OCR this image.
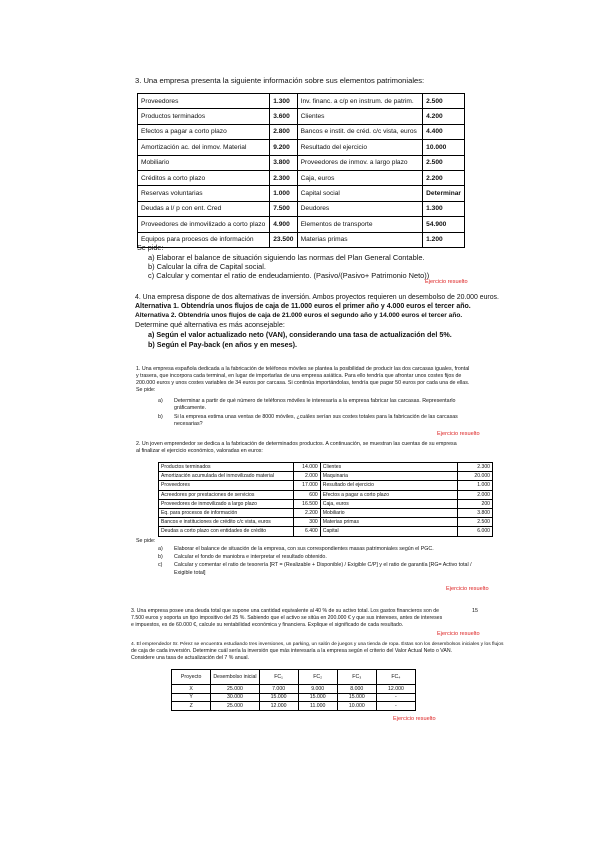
3. Una empresa presenta la siguiente información sobre sus elementos patrimoniales:
Proveedores	1.300	Inv. financ. a c/p en instrum. de patrim.	2.500
Productos terminados	3.600	Clientes	4.200
Efectos a pagar a corto plazo	2.800	Bancos e instit. de créd. c/c vista, euros	4.400
Amortización ac. del inmov. Material	9.200	Resultado del ejercicio	10.000
Mobiliario	3.800	Proveedores de inmov. a largo plazo	2.500
Créditos a corto plazo	2.300	Caja, euros	2.200
Reservas voluntarias	1.000	Capital social	Determinar
Deudas a l/ p con ent. Cred	7.500	Deudores	1.300
Proveedores de inmovilizado a corto plazo	4.900	Elementos de transporte	54.900
Equipos para procesos de información	23.500	Materias primas	1.200
Se pide:
a) Elaborar el balance de situación siguiendo las normas del Plan General Contable.
b) Calcular la cifra de Capital social.
c) Calcular y comentar el ratio de endeudamiento. (Pasivo/(Pasivo+ Patrimonio Neto))
Ejercicio resuelto
4. Una empresa dispone de dos alternativas de inversión. Ambos proyectos requieren un desembolso de 20.000 euros.
Alternativa 1. Obtendría unos flujos de caja de 11.000 euros el primer año y 4.000 euros el tercer año.
Alternativa 2. Obtendría unos flujos de caja de 21.000 euros el segundo año y 14.000 euros el tercer año.
Determine qué alternativa es más aconsejable:
a) Según el valor actualizado neto (VAN), considerando una tasa de actualización del 5%.
b) Según el Pay-back (en años y en meses).
1. Una empresa española dedicada a la fabricación de teléfonos móviles se plantea la posibilidad de producir las dos carcasas iguales, frontal
y trasera, que incorpora cada terminal, en lugar de importarlas de una empresa asiática. Para ello tendría que afrontar unos costes fijos de
200.000 euros y unos costes variables de 34 euros por carcasa. Si continúa importándolas, tendría que pagar 50 euros por cada una de ellas.
Se pide:
a) Determinar a partir de qué número de teléfonos móviles le interesaría a la empresa fabricar las carcasas. Representarlo
gráficamente.
b) Si la empresa estima unas ventas de 8000 móviles, ¿cuáles serían sus costes totales para la fabricación de las carcasas
necesarias?
Ejercicio resuelto
2. Un joven emprendedor se dedica a la fabricación de determinados productos. A continuación, se muestran las cuentas de su empresa
al finalizar el ejercicio económico, valoradas en euros:
Productos terminados	14.000	Clientes	2.300
Amortización acumulada del inmovilizado material	2.000	Maquinaria	20.000
Proveedores	17.000	Resultado del ejercicio	1.000
Acreedores por prestaciones de servicios	600	Efectos a pagar a corto plazo	2.000
Proveedores de inmovilizado a largo plazo	16.500	Caja, euros	200
Eq. para procesos de información	2.200	Mobiliario	3.800
Bancos e instituciones de crédito c/c vista, euros	300	Materias primas	2.500
Deudas a corto plazo con entidades de crédito	6.400	Capital	6.000
Se pide:
a) Elaborar el balance de situación de la empresa, con sus correspondientes masas patrimoniales según el PGC.
b) Calcular el fondo de maniobra e interpretar el resultado obtenido.
c) Calcular y comentar el ratio de tesorería [RT = (Realizable + Disponible) / Exigible C/P] y el ratio de garantía [RG= Activo total /
Exigible total]
Ejercicio resuelto
3. Una empresa posee una deuda total que supone una cantidad equivalente al 40 % de su activo total. Los gastos financieros son de	15
7.500 euros y soporta un tipo impositivo del 25 %. Sabiendo que el activo se sitúa en 200.000 € y que sus intereses, antes de intereses
e impuestos, es de 60.000 €, calcule su rentabilidad económica y financiera. Explique el significado de cada resultado.
Ejercicio resuelto
4. El emprendedor Sr. Pérez se encuentra estudiando tres inversiones, un parking, un salón de juegos y una tienda de ropa. Éstas son los desembolsos iniciales y los flujos
de caja de cada inversión. Determine cuál sería la inversión que más interesaría a la empresa según el criterio del Valor Actual Neto o VAN.
Considere una tasa de actualización del 7 % anual.
Proyecto	Desembolso inicial	FC₁	FC₂	FC₃	FC₄
X	25.000	7.000	9.000	8.000	12.000
Y	30.000	15.000	15.000	15.000	-
Z	25.000	12.000	11.000	10.000	-
Ejercicio resuelto
